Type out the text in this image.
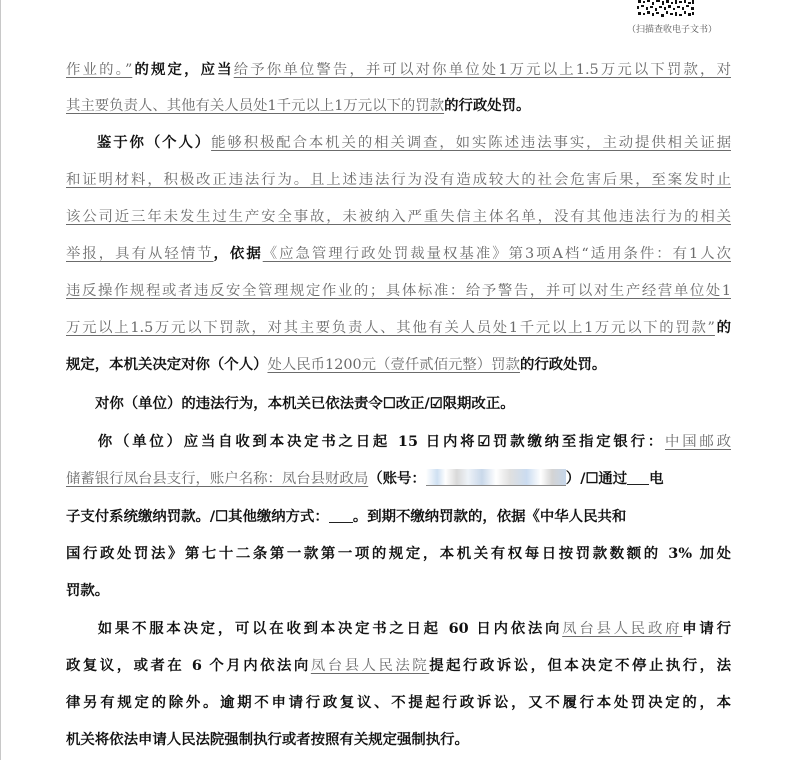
（扫描查收电子文书）
作业的。”的规定，应当给予你单位警告，并可以对你单位处1万元以上1.5万元以下罚款，对
其主要负责人、其他有关人员处1千元以上1万元以下的罚款的行政处罚。
鉴于你（个人）能够积极配合本机关的相关调查，如实陈述违法事实，主动提供相关证据
和证明材料，积极改正违法行为。且上述违法行为没有造成较大的社会危害后果，至案发时止
该公司近三年未发生过生产安全事故，未被纳入严重失信主体名单，没有其他违法行为的相关
举报，具有从轻情节，依据《应急管理行政处罚裁量权基准》第3项A档“适用条件：有1人次
违反操作规程或者违反安全管理规定作业的；具体标准：给予警告，并可以对生产经营单位处1
万元以上1.5万元以下罚款，对其主要负责人、其他有关人员处1千元以上1万元以下的罚款”的
规定，本机关决定对你（个人）处人民币1200元（壹仟贰佰元整）罚款的行政处罚。
对你（单位）的违法行为，本机关已依法责令☐改正/☑限期改正。
你（单位）应当自收到本决定书之日起 15 日内将☑罚款缴纳至指定银行：中国邮政
储蓄银行凤台县支行，账户名称：凤台县财政局（账号：	）/☐通过 电
子支付系统缴纳罚款。/☐其他缴纳方式： 。到期不缴纳罚款的，依据《中华人民共和
国行政处罚法》第七十二条第一款第一项的规定，本机关有权每日按罚款数额的 3% 加处
罚款。
如果不服本决定，可以在收到本决定书之日起 60 日内依法向凤台县人民政府申请行
政复议，或者在 6 个月内依法向凤台县人民法院提起行政诉讼，但本决定不停止执行，法
律另有规定的除外。逾期不申请行政复议、不提起行政诉讼，又不履行本处罚决定的，本
机关将依法申请人民法院强制执行或者按照有关规定强制执行。
